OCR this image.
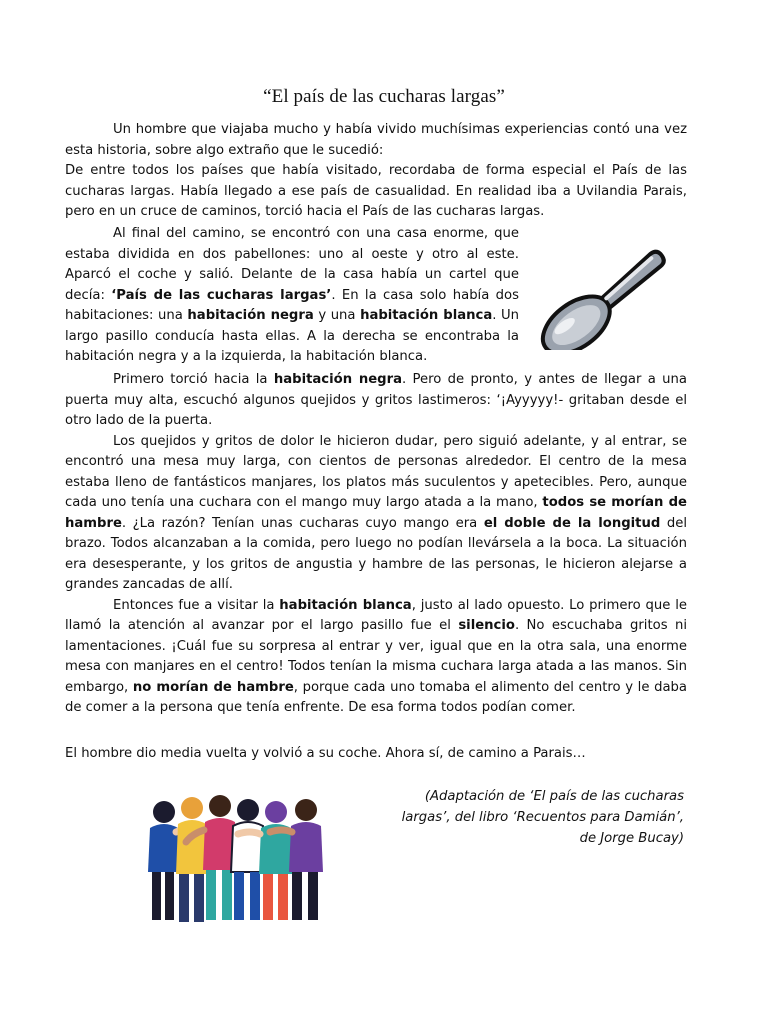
“El país de las cucharas largas”

Un hombre que viajaba mucho y había vivido muchísimas experiencias contó una vez esta historia, sobre algo extraño que le sucedió:

De entre todos los países que había visitado, recordaba de forma especial el País de las cucharas largas. Había llegado a ese país de casualidad. En realidad iba a Uvilandia Parais, pero en un cruce de caminos, torció hacia el País de las cucharas largas.

Al final del camino, se encontró con una casa enorme, que estaba dividida en dos pabellones: uno al oeste y otro al este. Aparcó el coche y salió. Delante de la casa había un cartel que decía: ‘País de las cucharas largas’. En la casa solo había dos habitaciones: una habitación negra y una habitación blanca. Un largo pasillo conducía hasta ellas. A la derecha se encontraba la habitación negra y a la izquierda, la habitación blanca.

Primero torció hacia la habitación negra. Pero de pronto, y antes de llegar a una puerta muy alta, escuchó algunos quejidos y gritos lastimeros: ‘¡Ayyyyy!- gritaban desde el otro lado de la puerta.

Los quejidos y gritos de dolor le hicieron dudar, pero siguió adelante, y al entrar, se encontró una mesa muy larga, con cientos de personas alrededor. El centro de la mesa estaba lleno de fantásticos manjares, los platos más suculentos y apetecibles. Pero, aunque cada uno tenía una cuchara con el mango muy largo atada a la mano, todos se morían de hambre. ¿La razón? Tenían unas cucharas cuyo mango era el doble de la longitud del brazo. Todos alcanzaban a la comida, pero luego no podían llevársela a la boca. La situación era desesperante, y los gritos de angustia y hambre de las personas, le hicieron alejarse a grandes zancadas de allí.

Entonces fue a visitar la habitación blanca, justo al lado opuesto. Lo primero que le llamó la atención al avanzar por el largo pasillo fue el silencio. No escuchaba gritos ni lamentaciones. ¡Cuál fue su sorpresa al entrar y ver, igual que en la otra sala, una enorme mesa con manjares en el centro! Todos tenían la misma cuchara larga atada a las manos. Sin embargo, no morían de hambre, porque cada uno tomaba el alimento del centro y le daba de comer a la persona que tenía enfrente. De esa forma todos podían comer.

El hombre dio media vuelta y volvió a su coche. Ahora sí, de camino a Parais…
(Adaptación de ‘El país de las cucharas
largas’, del libro ‘Recuentos para Damián’,
de Jorge Bucay)
